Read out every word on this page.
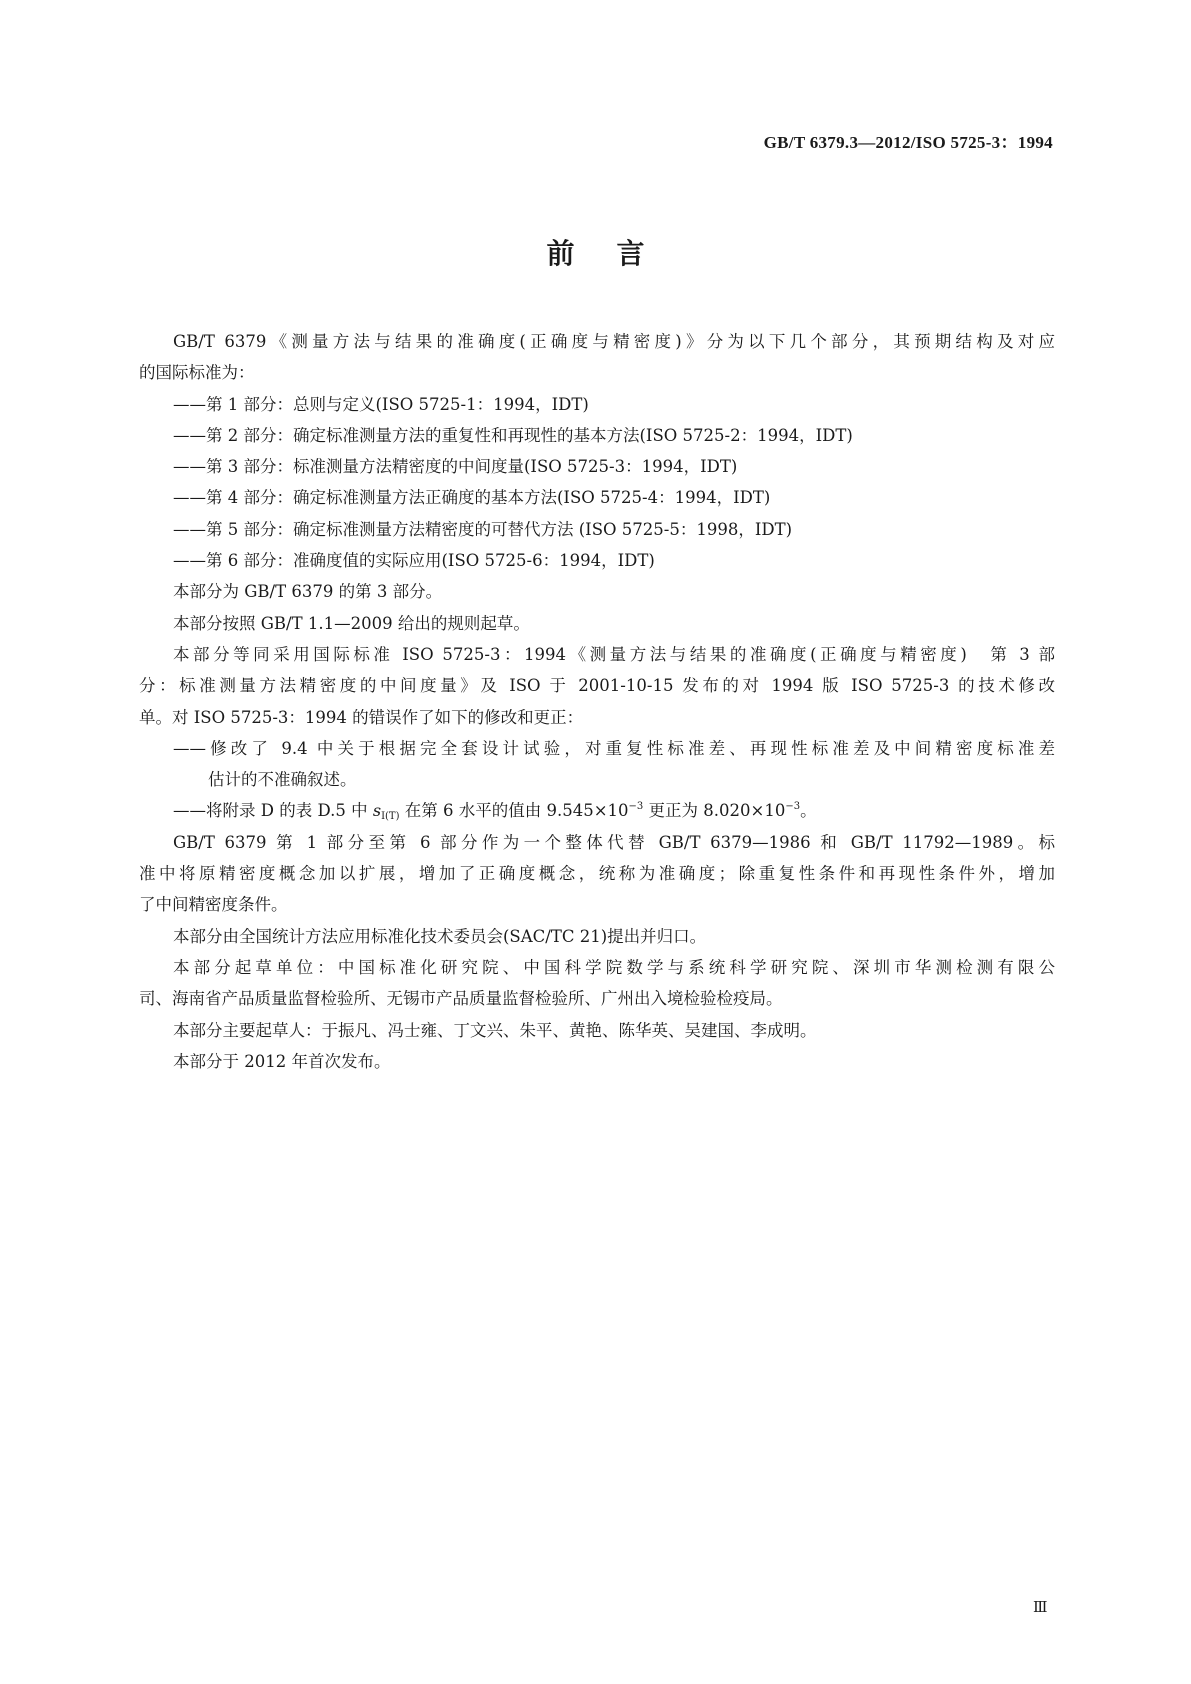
GB/T 6379.3—2012/ISO 5725-3：1994
前言
GB/T 6379《测量方法与结果的准确度(正确度与精密度)》分为以下几个部分，其预期结构及对应
的国际标准为：
——第 1 部分：总则与定义(ISO 5725-1：1994，IDT)
——第 2 部分：确定标准测量方法的重复性和再现性的基本方法(ISO 5725-2：1994，IDT)
——第 3 部分：标准测量方法精密度的中间度量(ISO 5725-3：1994，IDT)
——第 4 部分：确定标准测量方法正确度的基本方法(ISO 5725-4：1994，IDT)
——第 5 部分：确定标准测量方法精密度的可替代方法 (ISO 5725-5：1998，IDT)
——第 6 部分：准确度值的实际应用(ISO 5725-6：1994，IDT)
本部分为 GB/T 6379 的第 3 部分。
本部分按照 GB/T 1.1—2009 给出的规则起草。
本部分等同采用国际标准 ISO 5725-3：1994《测量方法与结果的准确度(正确度与精密度)　第 3 部
分：标准测量方法精密度的中间度量》及 ISO 于 2001-10-15 发布的对 1994 版 ISO 5725-3 的技术修改
单。对 ISO 5725-3：1994 的错误作了如下的修改和更正：
——修改了 9.4 中关于根据完全套设计试验，对重复性标准差、再现性标准差及中间精密度标准差
估计的不准确叙述。
——将附录 D 的表 D.5 中 sI(T) 在第 6 水平的值由 $9.545\times 10^{-3}$ 更正为 $8.020\times 10^{-3}$。
GB/T 6379 第 1 部分至第 6 部分作为一个整体代替 GB/T 6379—1986 和 GB/T 11792—1989。标
准中将原精密度概念加以扩展，增加了正确度概念，统称为准确度；除重复性条件和再现性条件外，增加
了中间精密度条件。
本部分由全国统计方法应用标准化技术委员会(SAC/TC 21)提出并归口。
本部分起草单位：中国标准化研究院、中国科学院数学与系统科学研究院、深圳市华测检测有限公
司、海南省产品质量监督检验所、无锡市产品质量监督检验所、广州出入境检验检疫局。
本部分主要起草人：于振凡、冯士雍、丁文兴、朱平、黄艳、陈华英、吴建国、李成明。
本部分于 2012 年首次发布。
Ⅲ
